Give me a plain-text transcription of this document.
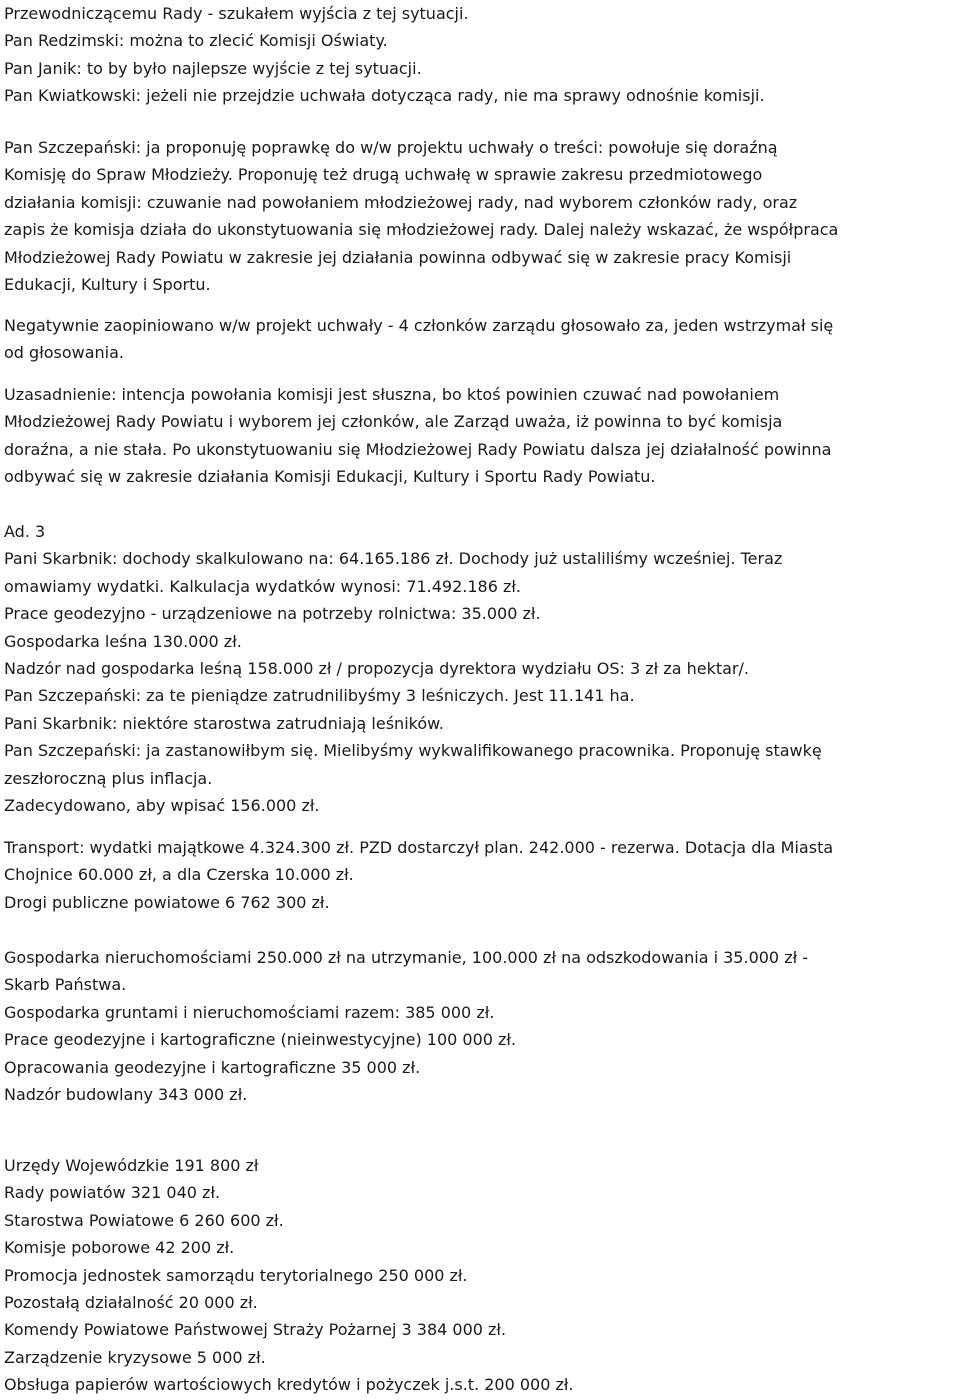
Przewodniczącemu Rady - szukałem wyjścia z tej sytuacji.
Pan Redzimski: można to zlecić Komisji Oświaty.
Pan Janik: to by było najlepsze wyjście z tej sytuacji.
Pan Kwiatkowski: jeżeli nie przejdzie uchwała dotycząca rady, nie ma sprawy odnośnie komisji.
Pan Szczepański: ja proponuję poprawkę do w/w projektu uchwały o treści: powołuje się doraźną
Komisję do Spraw Młodzieży. Proponuję też drugą uchwałę w sprawie zakresu przedmiotowego
działania komisji: czuwanie nad powołaniem młodzieżowej rady, nad wyborem członków rady, oraz
zapis że komisja działa do ukonstytuowania się młodzieżowej rady. Dalej należy wskazać, że współpraca
Młodzieżowej Rady Powiatu w zakresie jej działania powinna odbywać się w zakresie pracy Komisji
Edukacji, Kultury i Sportu.
Negatywnie zaopiniowano w/w projekt uchwały - 4 członków zarządu głosowało za, jeden wstrzymał się
od głosowania.
Uzasadnienie: intencja powołania komisji jest słuszna, bo ktoś powinien czuwać nad powołaniem
Młodzieżowej Rady Powiatu i wyborem jej członków, ale Zarząd uważa, iż powinna to być komisja
doraźna, a nie stała. Po ukonstytuowaniu się Młodzieżowej Rady Powiatu dalsza jej działalność powinna
odbywać się w zakresie działania Komisji Edukacji, Kultury i Sportu Rady Powiatu.
Ad. 3
Pani Skarbnik: dochody skalkulowano na: 64.165.186 zł. Dochody już ustaliliśmy wcześniej. Teraz
omawiamy wydatki. Kalkulacja wydatków wynosi: 71.492.186 zł.
Prace geodezyjno - urządzeniowe na potrzeby rolnictwa: 35.000 zł.
Gospodarka leśna 130.000 zł.
Nadzór nad gospodarka leśną 158.000 zł / propozycja dyrektora wydziału OS: 3 zł za hektar/.
Pan Szczepański: za te pieniądze zatrudnilibyśmy 3 leśniczych. Jest 11.141 ha.
Pani Skarbnik: niektóre starostwa zatrudniają leśników.
Pan Szczepański: ja zastanowiłbym się. Mielibyśmy wykwalifikowanego pracownika. Proponuję stawkę
zeszłoroczną plus inflacja.
Zadecydowano, aby wpisać 156.000 zł.
Transport: wydatki majątkowe 4.324.300 zł. PZD dostarczył plan. 242.000 - rezerwa. Dotacja dla Miasta
Chojnice 60.000 zł, a dla Czerska 10.000 zł.
Drogi publiczne powiatowe 6 762 300 zł.
Gospodarka nieruchomościami 250.000 zł na utrzymanie, 100.000 zł na odszkodowania i 35.000 zł -
Skarb Państwa.
Gospodarka gruntami i nieruchomościami razem: 385 000 zł.
Prace geodezyjne i kartograficzne (nieinwestycyjne) 100 000 zł.
Opracowania geodezyjne i kartograficzne 35 000 zł.
Nadzór budowlany 343 000 zł.
Urzędy Wojewódzkie 191 800 zł
Rady powiatów 321 040 zł.
Starostwa Powiatowe 6 260 600 zł.
Komisje poborowe 42 200 zł.
Promocja jednostek samorządu terytorialnego 250 000 zł.
Pozostałą działalność 20 000 zł.
Komendy Powiatowe Państwowej Straży Pożarnej 3 384 000 zł.
Zarządzenie kryzysowe 5 000 zł.
Obsługa papierów wartościowych kredytów i pożyczek j.s.t. 200 000 zł.
